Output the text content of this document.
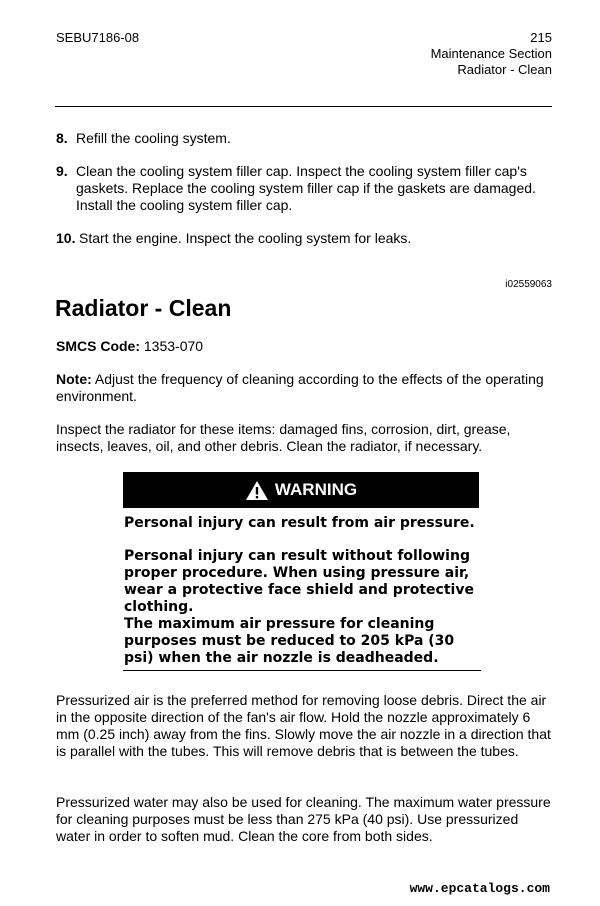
SEBU7186-08	215
Maintenance Section
Radiator - Clean
8. Refill the cooling system.
9. Clean the cooling system filler cap. Inspect the cooling system filler cap's gaskets. Replace the cooling system filler cap if the gaskets are damaged. Install the cooling system filler cap.
10. Start the engine. Inspect the cooling system for leaks.
i02559063
Radiator - Clean
SMCS Code: 1353-070
Note: Adjust the frequency of cleaning according to the effects of the operating environment.
Inspect the radiator for these items: damaged fins, corrosion, dirt, grease, insects, leaves, oil, and other debris. Clean the radiator, if necessary.
WARNING
Personal injury can result from air pressure.
Personal injury can result without following proper procedure. When using pressure air, wear a protective face shield and protective clothing.
The maximum air pressure for cleaning purposes must be reduced to 205 kPa (30 psi) when the air nozzle is deadheaded.
Pressurized air is the preferred method for removing loose debris. Direct the air in the opposite direction of the fan's air flow. Hold the nozzle approximately 6 mm (0.25 inch) away from the fins. Slowly move the air nozzle in a direction that is parallel with the tubes. This will remove debris that is between the tubes.
Pressurized water may also be used for cleaning. The maximum water pressure for cleaning purposes must be less than 275 kPa (40 psi). Use pressurized water in order to soften mud. Clean the core from both sides.
www.epcatalogs.com
